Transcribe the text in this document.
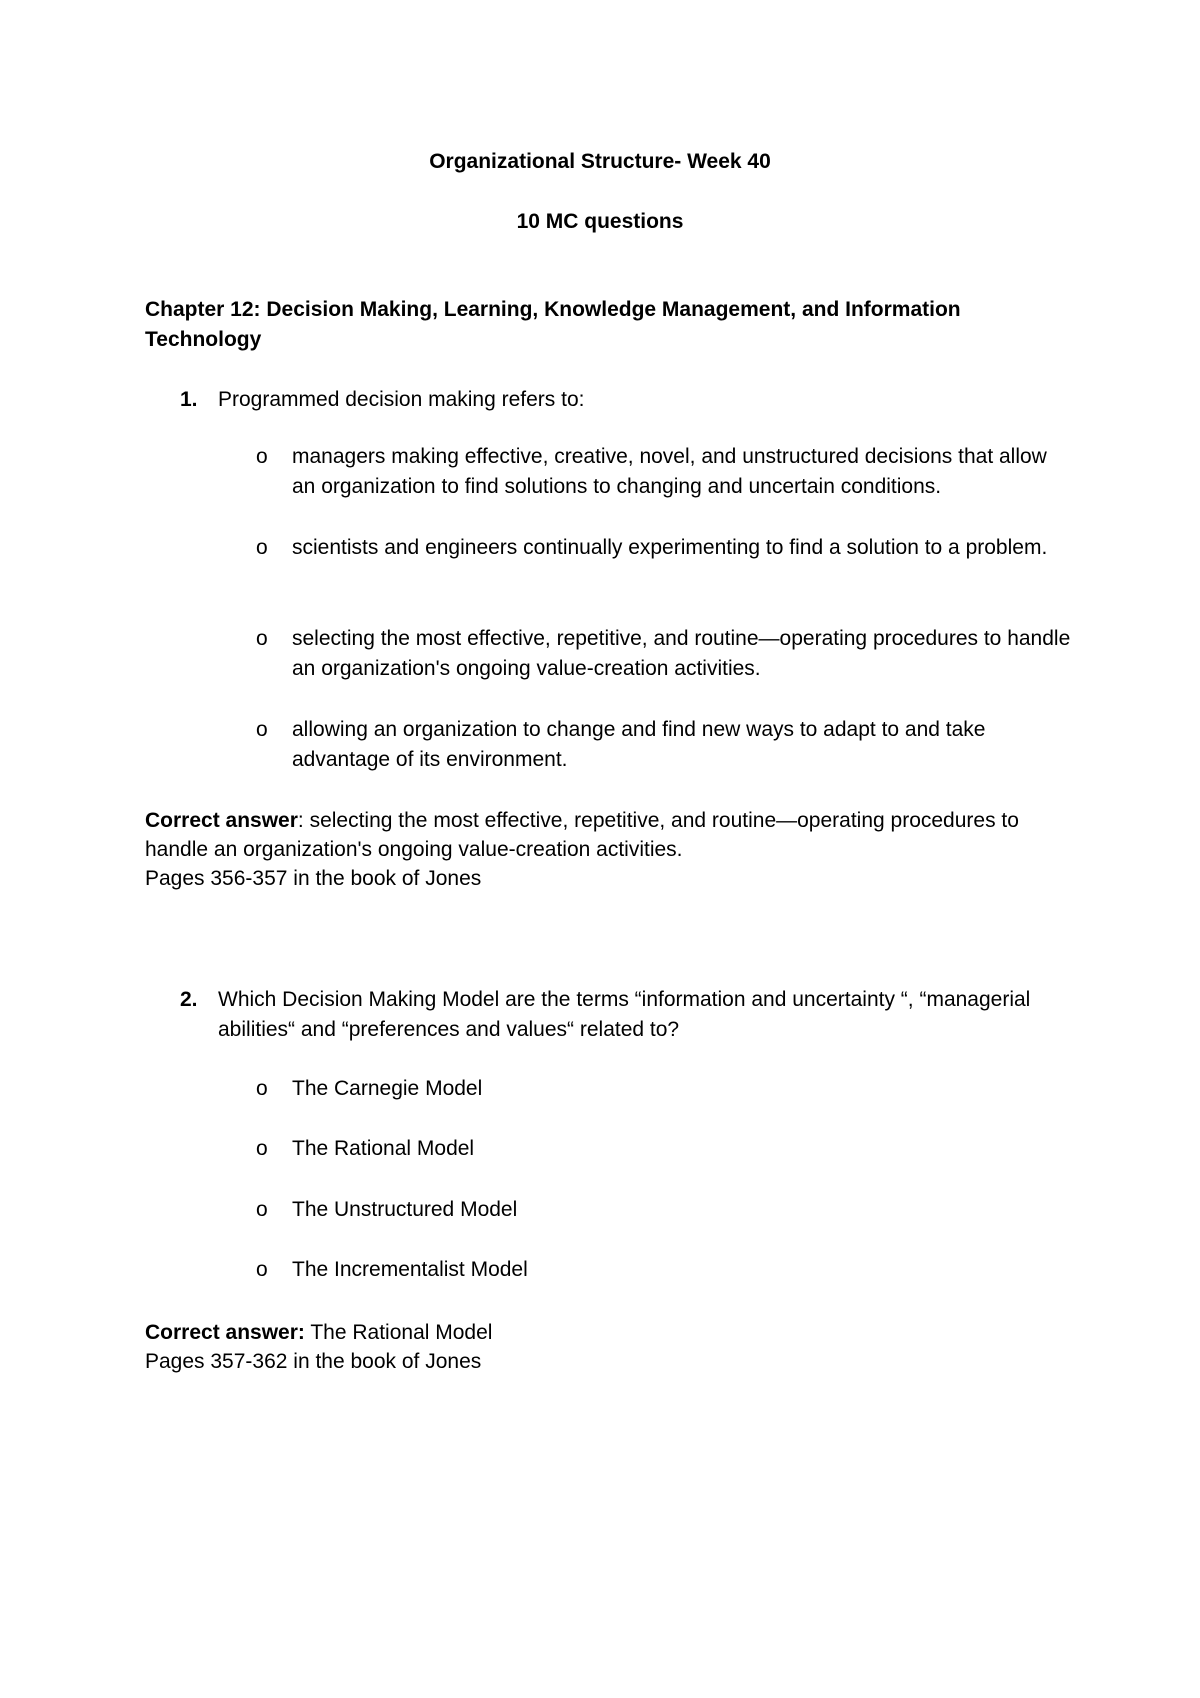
Organizational Structure- Week 40
10 MC questions
Chapter 12: Decision Making, Learning, Knowledge Management, and Information Technology
1. Programmed decision making refers to:
o	managers making effective, creative, novel, and unstructured decisions that allow an organization to find solutions to changing and uncertain conditions.
o	scientists and engineers continually experimenting to find a solution to a problem.
o	selecting the most effective, repetitive, and routine—operating procedures to handle an organization's ongoing value-creation activities.
o	allowing an organization to change and find new ways to adapt to and take advantage of its environment.
Correct answer: selecting the most effective, repetitive, and routine—operating procedures to handle an organization's ongoing value-creation activities.
Pages 356-357 in the book of Jones
2. Which Decision Making Model are the terms “information and uncertainty “, “managerial abilities“ and “preferences and values“ related to?
o	The Carnegie Model
o	The Rational Model
o	The Unstructured Model
o	The Incrementalist Model
Correct answer: The Rational Model
Pages 357-362 in the book of Jones
